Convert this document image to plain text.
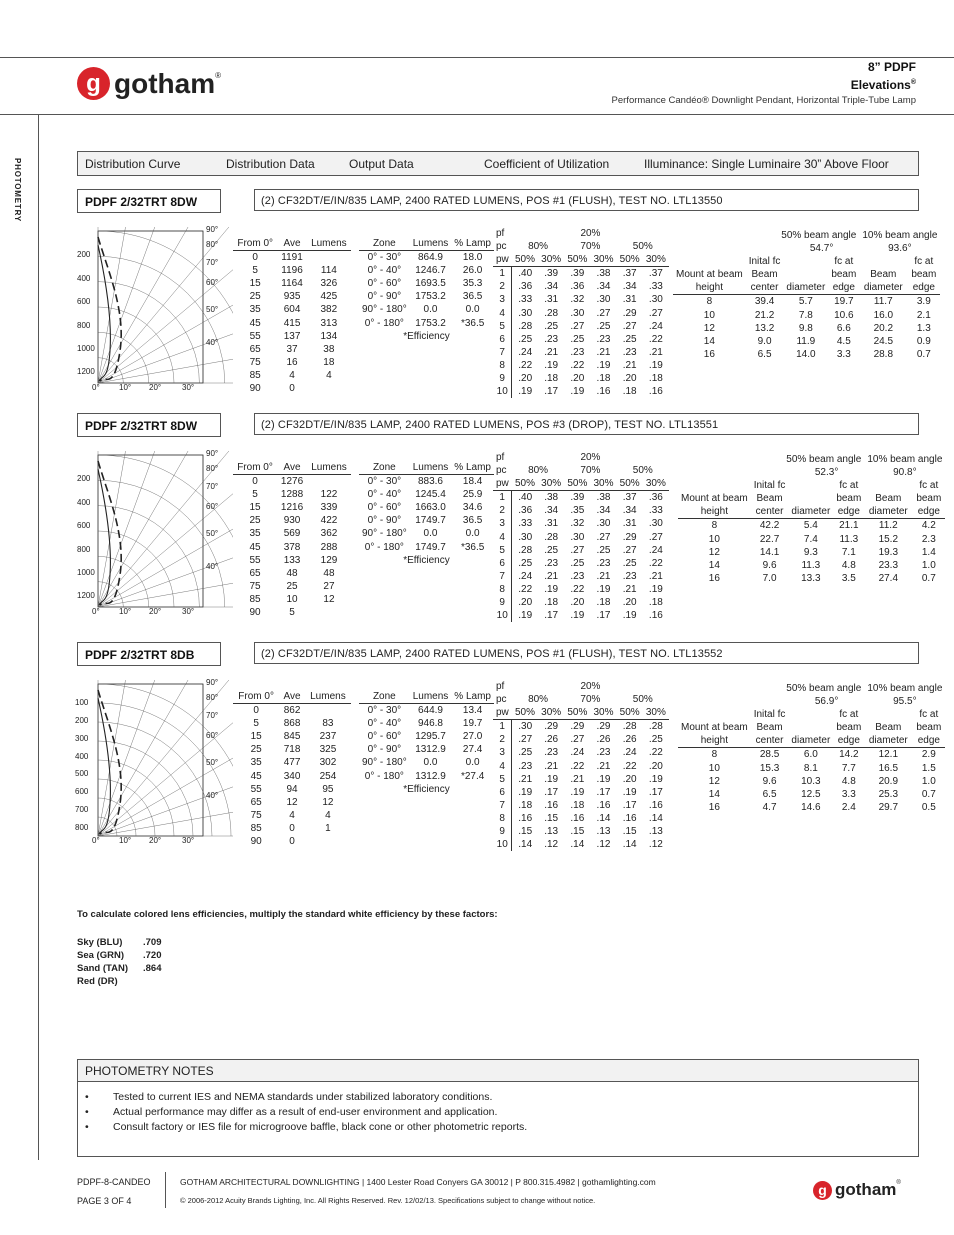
g gotham ®
8” PDPF
Elevations®
Performance Candéo® Downlight Pendant, Horizontal Triple-Tube Lamp
PHOTOMETRY	Distribution Curve	Distribution Data	Output Data	Coefficient of Utilization	Illuminance: Single Luminaire 30” Above Floor
PDPF 2/32TRT 8DW	(2) CF32DT/E/IN/835 LAMP, 2400 RATED LUMENS, POS #1 (FLUSH), TEST NO. LTL13550
200
400
600
800
1000
1200
90°
80°
70°
60°
50°
40°
0° 10° 20°	30°
From 0°	Ave	Lumens
0	1191	
5	1196	114
15	1164	326
25	935	425
35	604	382
45	415	313
55	137	134
65	37	38
75	16	18
85	4	4
90	0	
Zone	Lumens	% Lamp
0° - 30°	864.9	18.0
0° - 40°	1246.7	26.0
0° - 60°	1693.5	35.3
0° - 90°	1753.2	36.5
90° - 180°	0.0	0.0
0° - 180°	1753.2	*36.5
*Efficiency		
pf	20%					
pc	80%		70%		50%	
pw	50%	30%	50%	30%	50%	30%
1	.40	.39	.39	.38	.37	.37
2	.36	.34	.36	.34	.34	.33
3	.33	.31	.32	.30	.31	.30
4	.30	.28	.30	.27	.29	.27
5	.28	.25	.27	.25	.27	.24
6	.25	.23	.25	.23	.25	.22
7	.24	.21	.23	.21	.23	.21
8	.22	.19	.22	.19	.21	.19
9	.20	.18	.20	.18	.20	.18
10	.19	.17	.19	.16	.18	.16
	50% beam angle			10% beam angle	
	54.7°			93.6°	
	Inital fc		fc at		fc at
Mount at beam	Beam		beam	Beam	beam
height	center	diameter	edge	diameter	edge
8	39.4	5.7	19.7	11.7	3.9
10	21.2	7.8	10.6	16.0	2.1
12	13.2	9.8	6.6	20.2	1.3
14	9.0	11.9	4.5	24.5	0.9
16	6.5	14.0	3.3	28.8	0.7
PDPF 2/32TRT 8DW	(2) CF32DT/E/IN/835 LAMP, 2400 RATED LUMENS, POS #3 (DROP), TEST NO. LTL13551
200
400
600
800
1000
1200
90°
80°
70°
60°
50°
40°
0° 10° 20°	30°
From 0°	Ave	Lumens
0	1276	
5	1288	122
15	1216	339
25	930	422
35	569	362
45	378	288
55	133	129
65	48	48
75	25	27
85	10	12
90	5	
Zone	Lumens	% Lamp
0° - 30°	883.6	18.4
0° - 40°	1245.4	25.9
0° - 60°	1663.0	34.6
0° - 90°	1749.7	36.5
90° - 180°	0.0	0.0
0° - 180°	1749.7	*36.5
*Efficiency		
pf	20%					
pc	80%		70%		50%	
pw	50%	30%	50%	30%	50%	30%
1	.40	.38	.39	.38	.37	.36
2	.36	.34	.35	.34	.34	.33
3	.33	.31	.32	.30	.31	.30
4	.30	.28	.30	.27	.29	.27
5	.28	.25	.27	.25	.27	.24
6	.25	.23	.25	.23	.25	.22
7	.24	.21	.23	.21	.23	.21
8	.22	.19	.22	.19	.21	.19
9	.20	.18	.20	.18	.20	.18
10	.19	.17	.19	.17	.19	.16
	50% beam angle			10% beam angle	
	52.3°			90.8°	
	Inital fc		fc at		fc at
Mount at beam	Beam		beam	Beam	beam
height	center	diameter	edge	diameter	edge
8	42.2	5.4	21.1	11.2	4.2
10	22.7	7.4	11.3	15.2	2.3
12	14.1	9.3	7.1	19.3	1.4
14	9.6	11.3	4.8	23.3	1.0
16	7.0	13.3	3.5	27.4	0.7
PDPF 2/32TRT 8DB	(2) CF32DT/E/IN/835 LAMP, 2400 RATED LUMENS, POS #1 (FLUSH), TEST NO. LTL13552
100
200
300
400
500
600
700
800
90°
80°
70°
60°
50°
40°
0° 10° 20°	30°
From 0°	Ave	Lumens
0	862	
5	868	83
15	845	237
25	718	325
35	477	302
45	340	254
55	94	95
65	12	12
75	4	4
85	0	1
90	0	
Zone	Lumens	% Lamp
0° - 30°	644.9	13.4
0° - 40°	946.8	19.7
0° - 60°	1295.7	27.0
0° - 90°	1312.9	27.4
90° - 180°	0.0	0.0
0° - 180°	1312.9	*27.4
*Efficiency		
pf	20%					
pc	80%		70%		50%	
pw	50%	30%	50%	30%	50%	30%
1	.30	.29	.29	.29	.28	.28
2	.27	.26	.27	.26	.26	.25
3	.25	.23	.24	.23	.24	.22
4	.23	.21	.22	.21	.22	.20
5	.21	.19	.21	.19	.20	.19
6	.19	.17	.19	.17	.19	.17
7	.18	.16	.18	.16	.17	.16
8	.16	.15	.16	.14	.16	.14
9	.15	.13	.15	.13	.15	.13
10	.14	.12	.14	.12	.14	.12
	50% beam angle			10% beam angle	
	56.9°			95.5°	
	Inital fc		fc at		fc at
Mount at beam	Beam		beam	Beam	beam
height	center	diameter	edge	diameter	edge
8	28.5	6.0	14.2	12.1	2.9
10	15.3	8.1	7.7	16.5	1.5
12	9.6	10.3	4.8	20.9	1.0
14	6.5	12.5	3.3	25.3	0.7
16	4.7	14.6	2.4	29.7	0.5
To calculate colored lens efficiencies, multiply the standard white efficiency by these factors:
Sky (BLU)	.709
Sea (GRN)	.720
Sand (TAN)	.864
Red (DR)
PHOTOMETRY NOTES
•	Tested to current IES and NEMA standards under stabilized laboratory conditions.
•	Actual performance may differ as a result of end-user environment and application.
•	Consult factory or IES file for microgroove baffle, black cone or other photometric reports.
PDPF-8-CANDEO
PAGE 3 OF 4
GOTHAM ARCHITECTURAL DOWNLIGHTING | 1400 Lester Road Conyers GA 30012 | P 800.315.4982 | gothamlighting.com
© 2006-2012 Acuity Brands Lighting, Inc. All Rights Reserved. Rev. 12/02/13. Specifications subject to change without notice.
g gotham ®
